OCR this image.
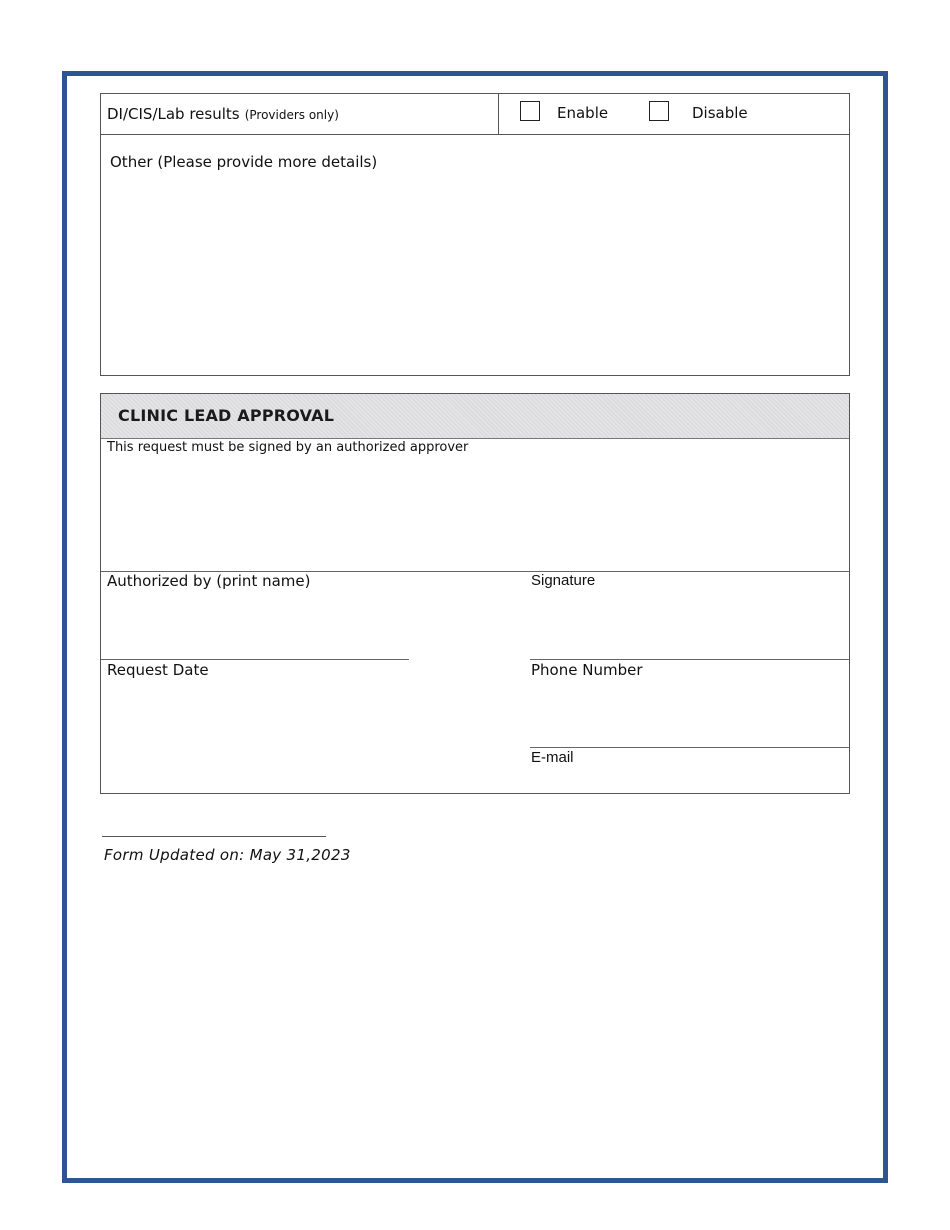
DI/CIS/Lab results (Providers only)	Enable	Disable
Other (Please provide more details)
CLINIC LEAD APPROVAL
This request must be signed by an authorized approver
Authorized by (print name)	Signature
Request Date	Phone Number
E-mail
Form Updated on: May 31,2023
